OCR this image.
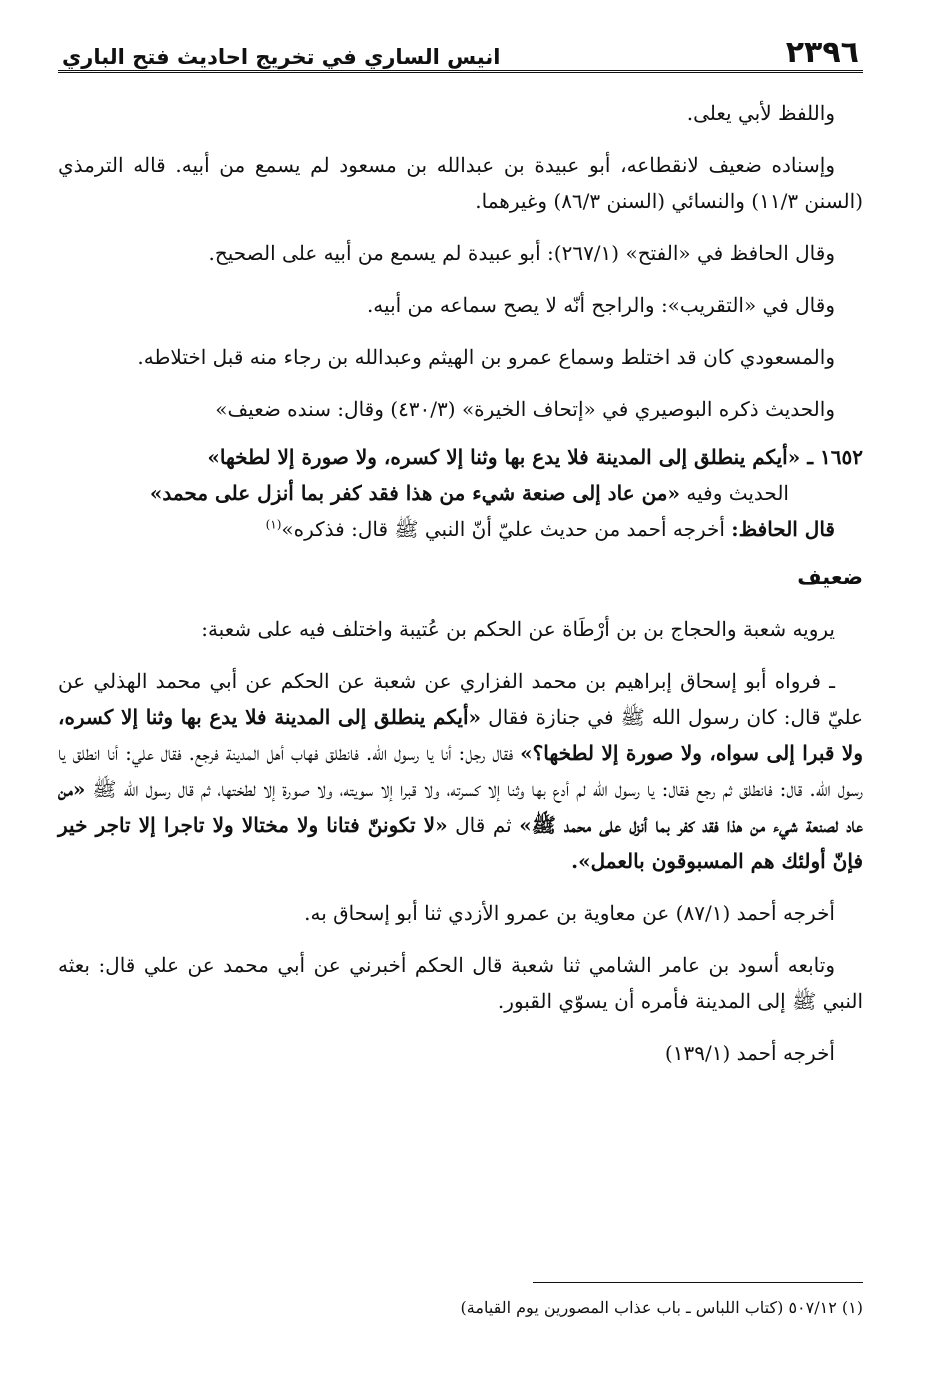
٢٣٩٦
انيس الساري في تخريج احاديث فتح الباري

واللفظ لأبي يعلى.

وإسناده ضعيف لانقطاعه، أبو عبيدة بن عبدالله بن مسعود لم يسمع من أبيه. قاله الترمذي (السنن ١١/٣) والنسائي (السنن ٨٦/٣) وغيرهما.

وقال الحافظ في «الفتح» (٢٦٧/١): أبو عبيدة لم يسمع من أبيه على الصحيح.

وقال في «التقريب»: والراجح أنّه لا يصح سماعه من أبيه.

والمسعودي كان قد اختلط وسماع عمرو بن الهيثم وعبدالله بن رجاء منه قبل اختلاطه.

والحديث ذكره البوصيري في «إتحاف الخيرة» (٤٣٠/٣) وقال: سنده ضعيف»

١٦٥٢ ـ «أيكم ينطلق إلى المدينة فلا يدع بها وثنا إلا كسره، ولا صورة إلا لطخها»

الحديث وفيه «من عاد إلى صنعة شيء من هذا فقد كفر بما أنزل على محمد»

قال الحافظ: أخرجه أحمد من حديث عليّ أنّ النبي ﷺ قال: فذكره»$^{(١)}$

ضعيف

يرويه شعبة والحجاج بن بن أرْطَاة عن الحكم بن عُتيبة واختلف فيه على شعبة:

ـ فرواه أبو إسحاق إبراهيم بن محمد الفزاري عن شعبة عن الحكم عن أبي محمد الهذلي عن عليّ قال: كان رسول الله ﷺ في جنازة فقال «أيكم ينطلق إلى المدينة فلا يدع بها وثنا إلا كسره، ولا قبرا إلى سواه، ولا صورة إلا لطخها؟» فقال رجل: أنا يا رسول الله. فانطلق فهاب أهل المدينة فرجع. فقال علي: أنا انطلق يا رسول الله. قال: فانطلق ثم رجع فقال: يا رسول الله لم أدع بها وثنا إلا كسرته، ولا قبرا إلا سويته، ولا صورة إلا لطختها، ثم قال رسول الله ﷺ «من عاد لصنعة شيء من هذا فقد كفر بما أنزل على محمد ﷺ» ثم قال «لا تكوننّ فتانا ولا مختالا ولا تاجرا إلا تاجر خير فإنّ أولئك هم المسبوقون بالعمل».

أخرجه أحمد (٨٧/١) عن معاوية بن عمرو الأزدي ثنا أبو إسحاق به.

وتابعه أسود بن عامر الشامي ثنا شعبة قال الحكم أخبرني عن أبي محمد عن علي قال: بعثه النبي ﷺ إلى المدينة فأمره أن يسوّي القبور.

أخرجه أحمد (١٣٩/١)

(١) ٥٠٧/١٢ (كتاب اللباس ـ باب عذاب المصورين يوم القيامة)
